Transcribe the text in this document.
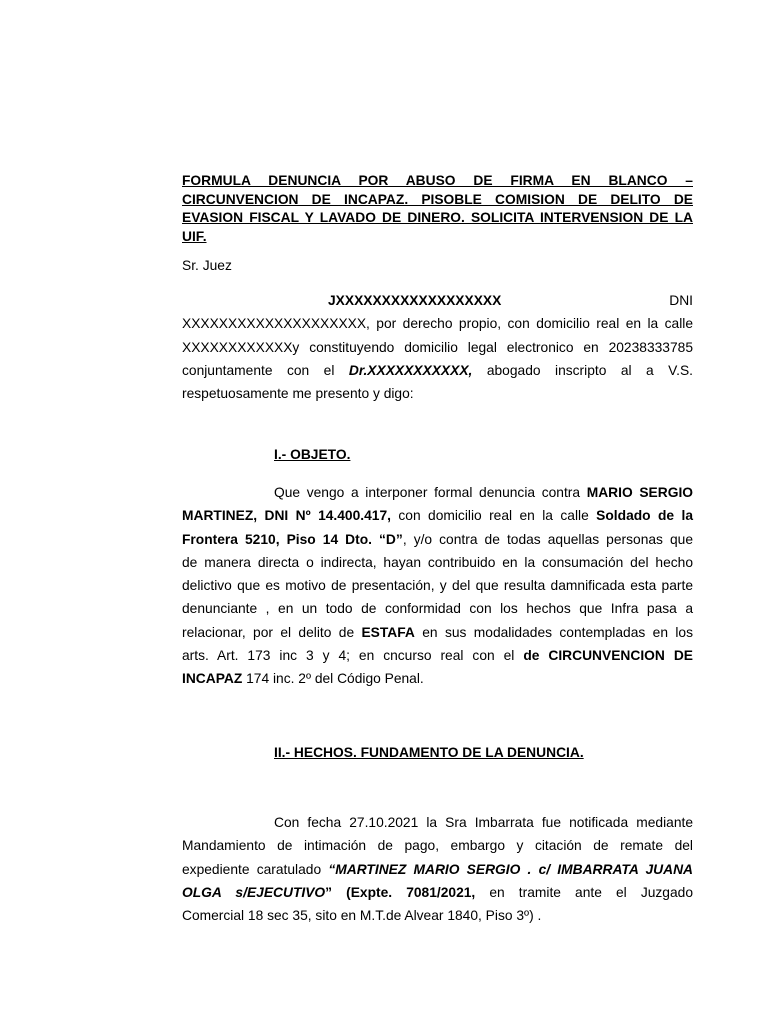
FORMULA DENUNCIA POR ABUSO DE FIRMA EN BLANCO –
CIRCUNVENCION DE INCAPAZ. PISOBLE COMISION DE DELITO DE
EVASION FISCAL Y LAVADO DE DINERO. SOLICITA INTERVENSION DE LA
UIF.
Sr. Juez
JXXXXXXXXXXXXXXXXXX	DNI
XXXXXXXXXXXXXXXXXXXX, por derecho propio, con domicilio real en la calle
XXXXXXXXXXXXy constituyendo domicilio legal electronico en 20238333785
conjuntamente con el Dr.XXXXXXXXXXX, abogado inscripto al a V.S.
respetuosamente me presento y digo:
I.- OBJETO.
Que vengo a interponer formal denuncia contra MARIO SERGIO
MARTINEZ, DNI Nº 14.400.417, con domicilio real en la calle Soldado de la
Frontera 5210, Piso 14 Dto. “D”, y/o contra de todas aquellas personas que
de manera directa o indirecta, hayan contribuido en la consumación del hecho
delictivo que es motivo de presentación, y del que resulta damnificada esta parte
denunciante , en un todo de conformidad con los hechos que Infra pasa a
relacionar, por el delito de ESTAFA en sus modalidades contempladas en los
arts. Art. 173 inc 3 y 4; en cncurso real con el de CIRCUNVENCION DE
INCAPAZ 174 inc. 2º del Código Penal.
II.- HECHOS. FUNDAMENTO DE LA DENUNCIA.
Con fecha 27.10.2021 la Sra Imbarrata fue notificada mediante
Mandamiento de intimación de pago, embargo y citación de remate del
expediente caratulado “MARTINEZ MARIO SERGIO . c/ IMBARRATA JUANA
OLGA s/EJECUTIVO” (Expte. 7081/2021, en tramite ante el Juzgado
Comercial 18 sec 35, sito en M.T.de Alvear 1840, Piso 3º) .
